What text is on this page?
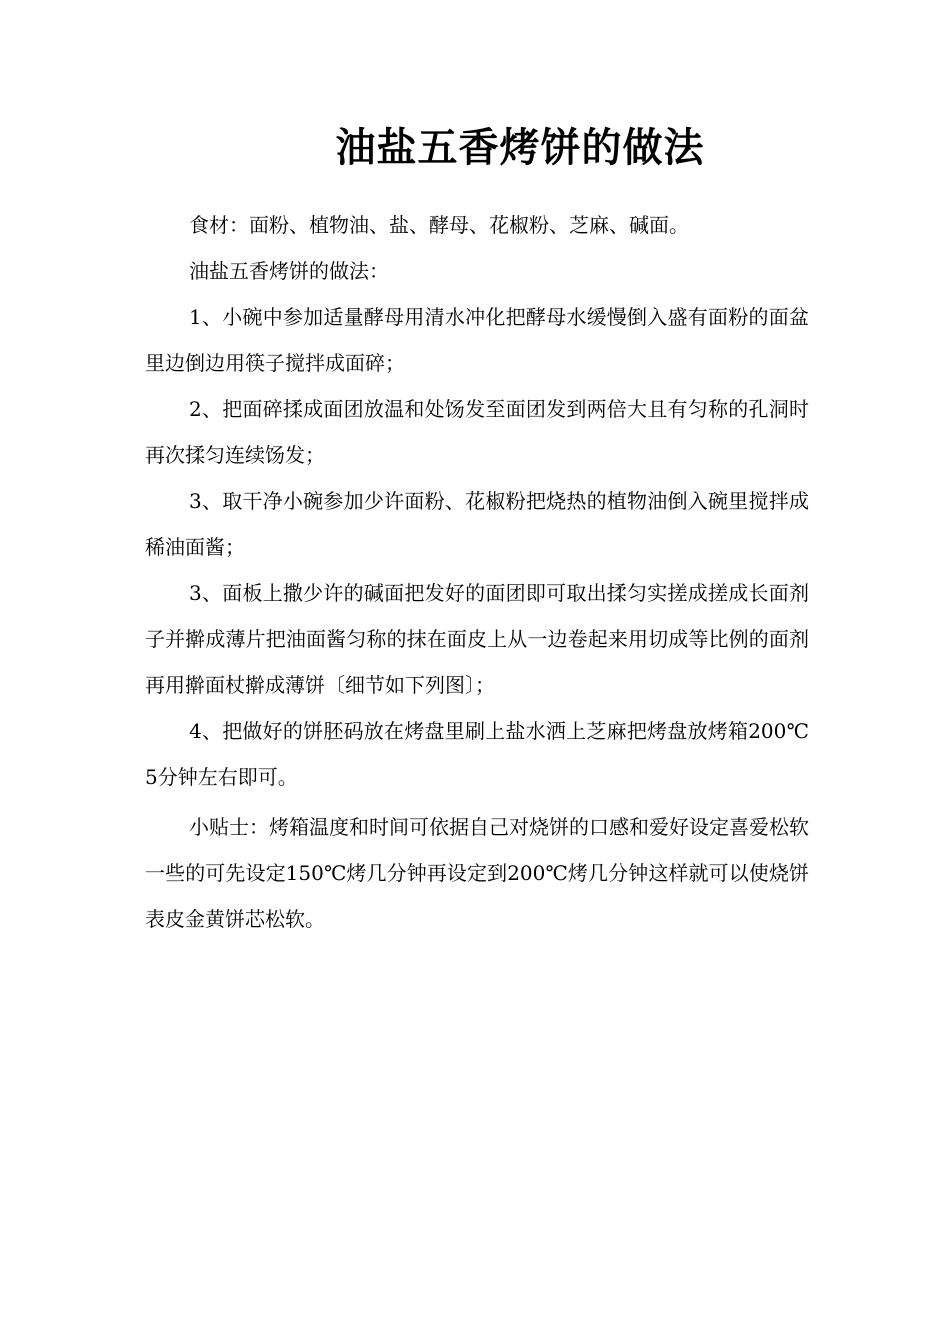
油盐五香烤饼的做法

食材：面粉、植物油、盐、酵母、花椒粉、芝麻、碱面。

油盐五香烤饼的做法：

1、小碗中参加适量酵母用清水冲化把酵母水缓慢倒入盛有面粉的面盆里边倒边用筷子搅拌成面碎；

2、把面碎揉成面团放温和处饧发至面团发到两倍大且有匀称的孔洞时再次揉匀连续饧发；

3、取干净小碗参加少许面粉、花椒粉把烧热的植物油倒入碗里搅拌成稀油面酱；

3、面板上撒少许的碱面把发好的面团即可取出揉匀实搓成搓成长面剂子并擀成薄片把油面酱匀称的抹在面皮上从一边卷起来用切成等比例的面剂再用擀面杖擀成薄饼〔细节如下列图〕；

4、把做好的饼胚码放在烤盘里刷上盐水洒上芝麻把烤盘放烤箱200℃5分钟左右即可。

小贴士：烤箱温度和时间可依据自己对烧饼的口感和爱好设定喜爱松软一些的可先设定150℃烤几分钟再设定到200℃烤几分钟这样就可以使烧饼表皮金黄饼芯松软。
